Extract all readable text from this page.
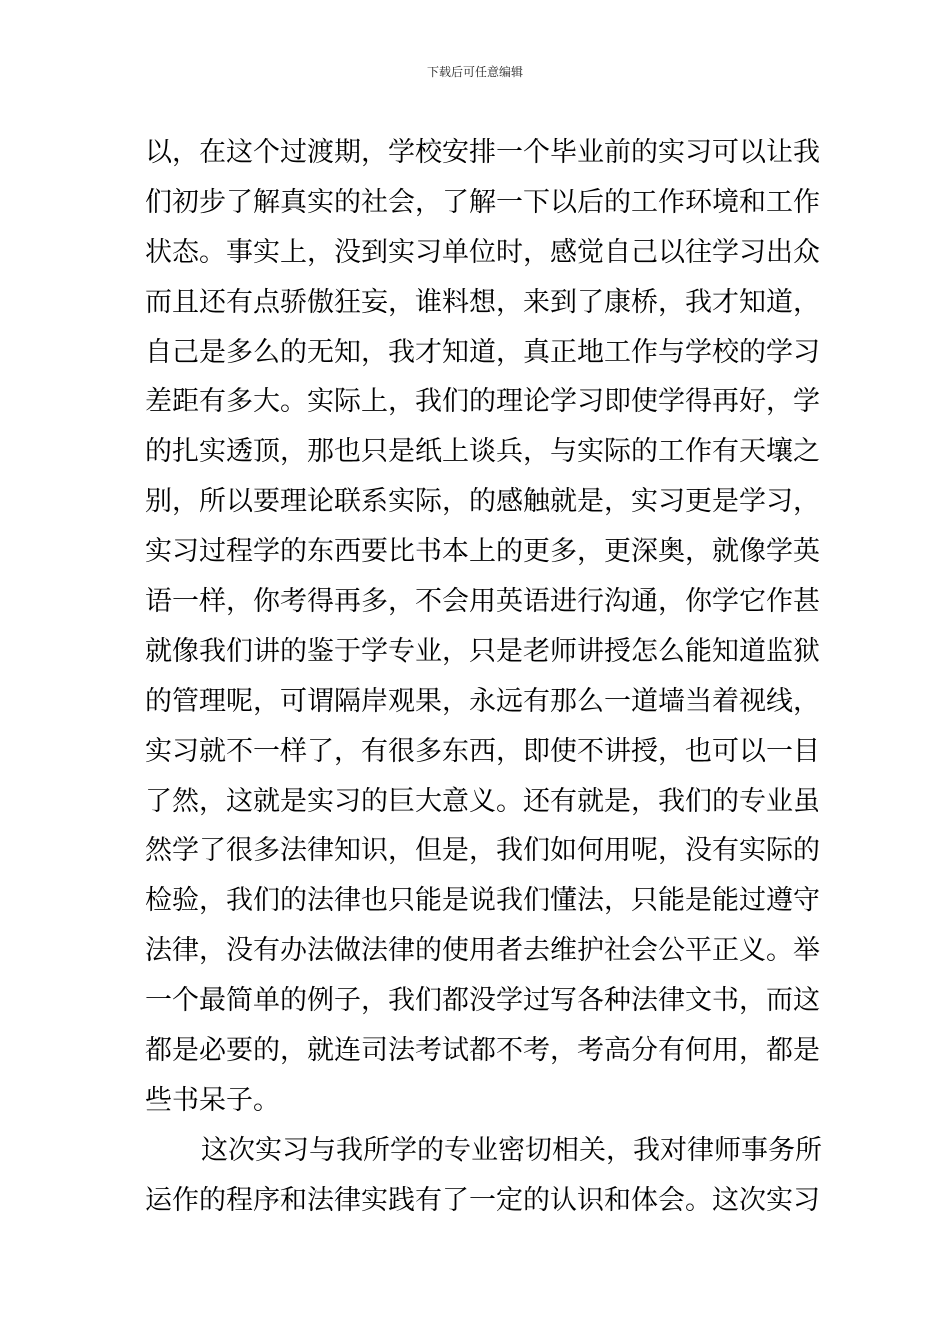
下载后可任意编辑
以，在这个过渡期，学校安排一个毕业前的实习可以让我
们初步了解真实的社会，了解一下以后的工作环境和工作
状态。事实上，没到实习单位时，感觉自己以往学习出众
而且还有点骄傲狂妄，谁料想，来到了康桥，我才知道，
自己是多么的无知，我才知道，真正地工作与学校的学习
差距有多大。实际上，我们的理论学习即使学得再好，学
的扎实透顶，那也只是纸上谈兵，与实际的工作有天壤之
别，所以要理论联系实际，的感触就是，实习更是学习，
实习过程学的东西要比书本上的更多，更深奥，就像学英
语一样，你考得再多，不会用英语进行沟通，你学它作甚
就像我们讲的鉴于学专业，只是老师讲授怎么能知道监狱
的管理呢，可谓隔岸观果，永远有那么一道墙当着视线，
实习就不一样了，有很多东西，即使不讲授，也可以一目
了然，这就是实习的巨大意义。还有就是，我们的专业虽
然学了很多法律知识，但是，我们如何用呢，没有实际的
检验，我们的法律也只能是说我们懂法，只能是能过遵守
法律，没有办法做法律的使用者去维护社会公平正义。举
一个最简单的例子，我们都没学过写各种法律文书，而这
都是必要的，就连司法考试都不考，考高分有何用，都是
些书呆子。
这次实习与我所学的专业密切相关，我对律师事务所
运作的程序和法律实践有了一定的认识和体会。这次实习
